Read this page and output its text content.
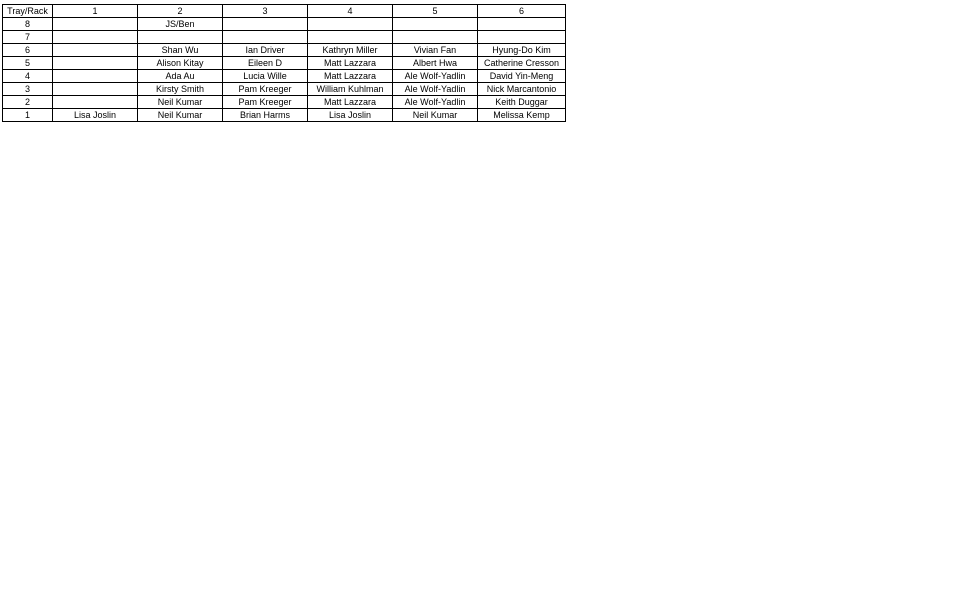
Tray/Rack	1	2	3	4	5	6
8		JS/Ben				
7						
6		Shan Wu	Ian Driver	Kathryn Miller	Vivian Fan	Hyung-Do Kim
5		Alison Kitay	Eileen D	Matt Lazzara	Albert Hwa	Catherine Cresson
4		Ada Au	Lucia Wille	Matt Lazzara	Ale Wolf-Yadlin	David Yin-Meng
3		Kirsty Smith	Pam Kreeger	William Kuhlman	Ale Wolf-Yadlin	Nick Marcantonio
2		Neil Kumar	Pam Kreeger	Matt Lazzara	Ale Wolf-Yadlin	Keith Duggar
1	Lisa Joslin	Neil Kumar	Brian Harms	Lisa Joslin	Neil Kumar	Melissa Kemp
